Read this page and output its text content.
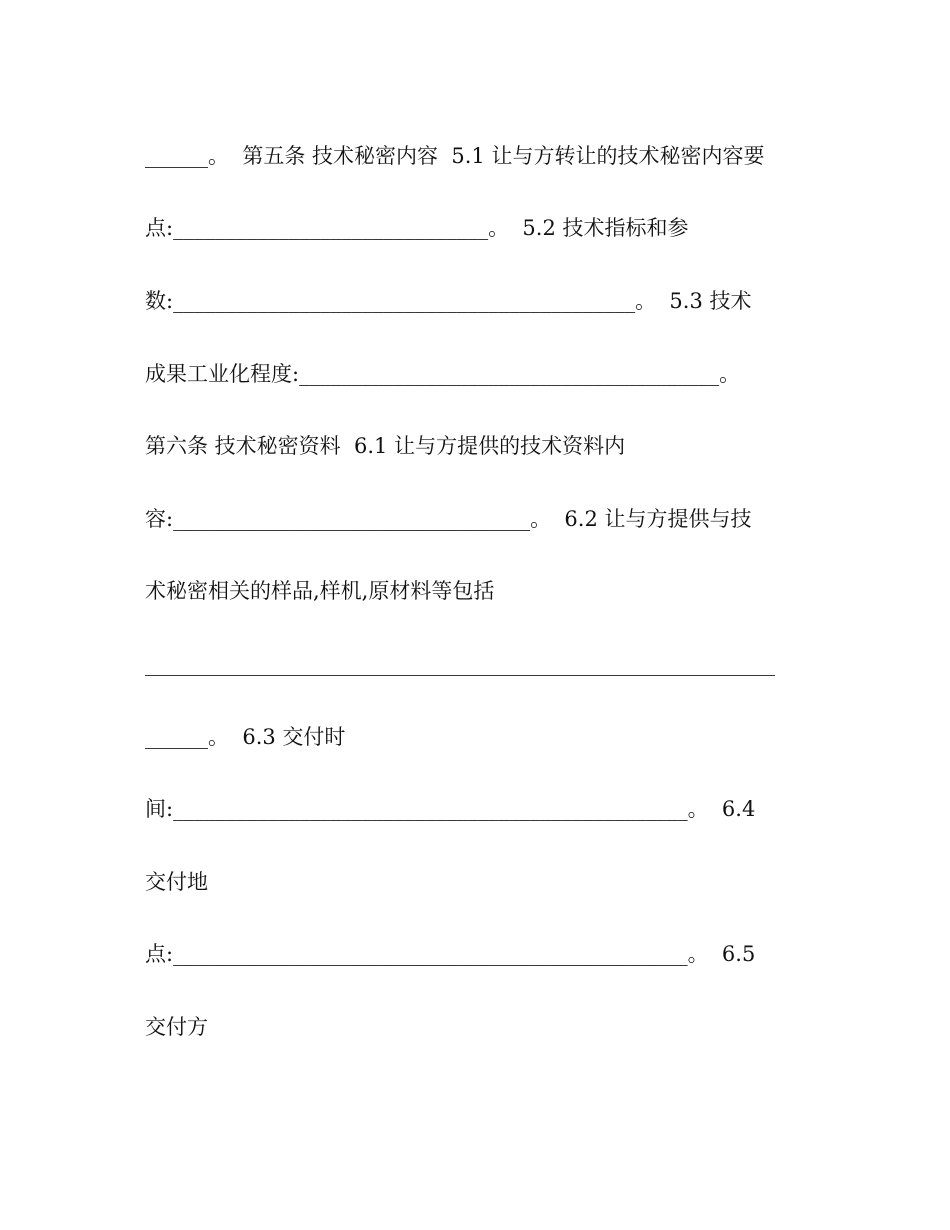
______。  第五条 技术秘密内容  5.1 让与方转让的技术秘密内容要
点:______________________________。  5.2 技术指标和参
数:____________________________________________。  5.3 技术
成果工业化程度:________________________________________。
第六条 技术秘密资料  6.1 让与方提供的技术资料内
容:__________________________________。  6.2 让与方提供与技
术秘密相关的样品,样机,原材料等包括
____________________________________________________________
______。  6.3 交付时
间:_________________________________________________。  6.4
交付地
点:_________________________________________________。  6.5
交付方
